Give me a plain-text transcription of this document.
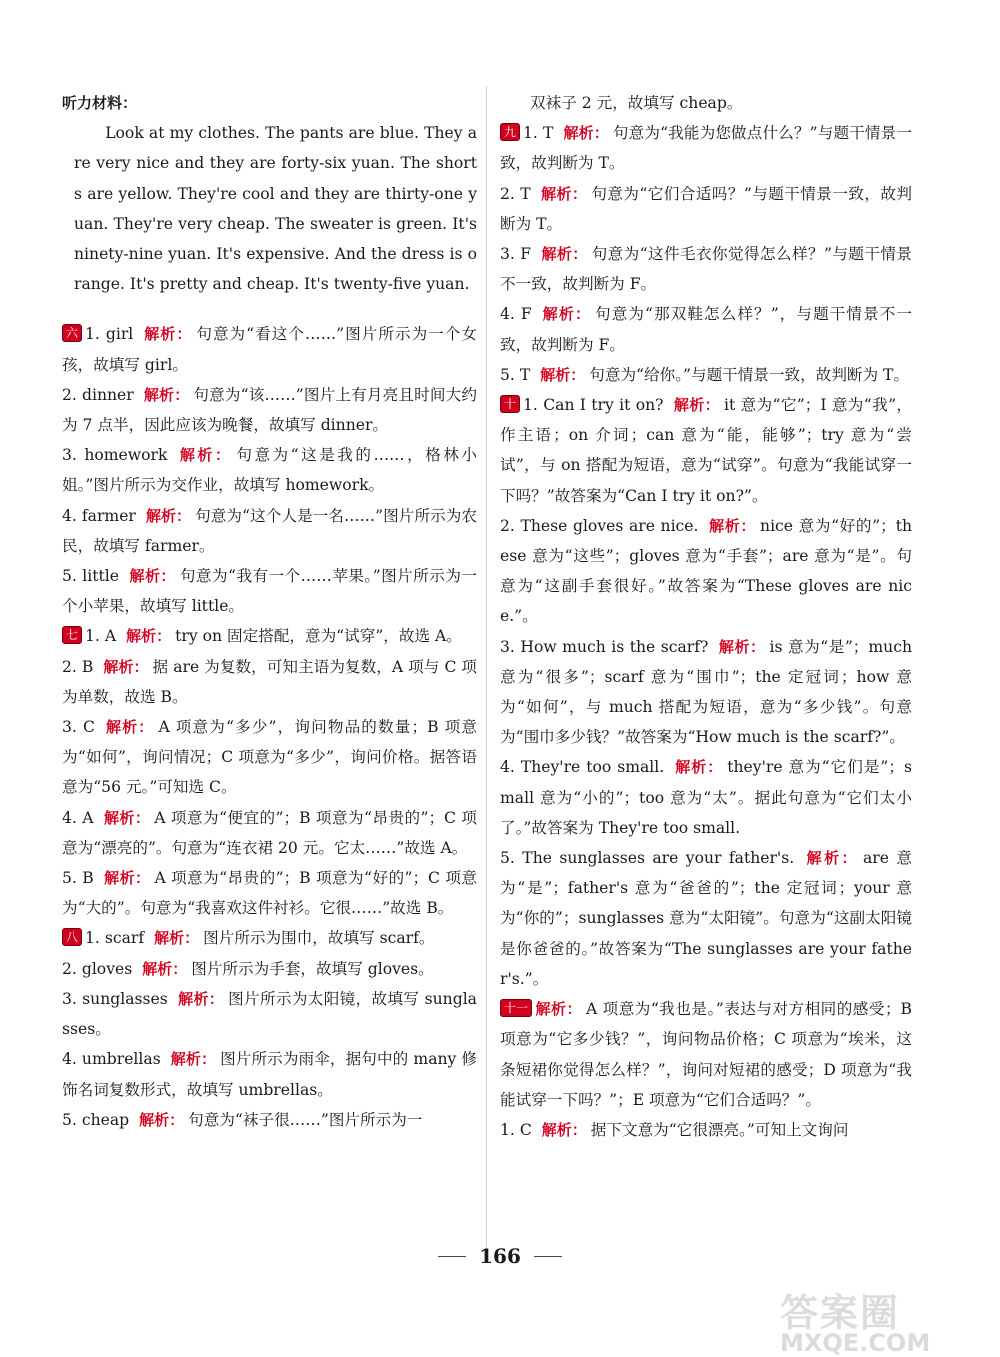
听力材料：
Look at my clothes. The pants are blue. They are very nice and they are forty-six yuan. The shorts are yellow. They're cool and they are thirty-one yuan. They're very cheap. The sweater is green. It's ninety-nine yuan. It's expensive. And the dress is orange. It's pretty and cheap. It's twenty-five yuan.
六 1. girl 解析： 句意为“看这个……”图片所示为一个女孩，故填写 girl。
2. dinner 解析： 句意为“该……”图片上有月亮且时间大约为 7 点半，因此应该为晚餐，故填写 dinner。
3. homework 解析： 句意为“这是我的……，格林小姐。”图片所示为交作业，故填写 homework。
4. farmer 解析： 句意为“这个人是一名……”图片所示为农民，故填写 farmer。
5. little 解析： 句意为“我有一个……苹果。”图片所示为一个小苹果，故填写 little。
七 1. A 解析： try on 固定搭配，意为“试穿”，故选 A。
2. B 解析： 据 are 为复数，可知主语为复数，A 项与 C 项为单数，故选 B。
3. C 解析： A 项意为“多少”，询问物品的数量；B 项意为“如何”，询问情况；C 项意为“多少”，询问价格。据答语意为“56 元。”可知选 C。
4. A 解析： A 项意为“便宜的”；B 项意为“昂贵的”；C 项意为“漂亮的”。句意为“连衣裙 20 元。它太……”故选 A。
5. B 解析： A 项意为“昂贵的”；B 项意为“好的”；C 项意为“大的”。句意为“我喜欢这件衬衫。它很……”故选 B。
八 1. scarf 解析： 图片所示为围巾，故填写 scarf。
2. gloves 解析： 图片所示为手套，故填写 gloves。
3. sunglasses 解析： 图片所示为太阳镜，故填写 sunglasses。
4. umbrellas 解析： 图片所示为雨伞，据句中的 many 修饰名词复数形式，故填写 umbrellas。
5. cheap 解析： 句意为“袜子很……”图片所示为一
双袜子 2 元，故填写 cheap。
九 1. T 解析： 句意为“我能为您做点什么？”与题干情景一致，故判断为 T。
2. T 解析： 句意为“它们合适吗？”与题干情景一致，故判断为 T。
3. F 解析： 句意为“这件毛衣你觉得怎么样？”与题干情景不一致，故判断为 F。
4. F 解析： 句意为“那双鞋怎么样？”，与题干情景不一致，故判断为 F。
5. T 解析： 句意为“给你。”与题干情景一致，故判断为 T。
十 1. Can I try it on? 解析： it 意为“它”；I 意为“我”，作主语；on 介词；can 意为“能，能够”；try 意为“尝试”，与 on 搭配为短语，意为“试穿”。句意为“我能试穿一下吗？”故答案为“Can I try it on?”。
2. These gloves are nice. 解析： nice 意为“好的”；these 意为“这些”；gloves 意为“手套”；are 意为“是”。句意为“这副手套很好。”故答案为“These gloves are nice.”。
3. How much is the scarf? 解析： is 意为“是”；much 意为“很多”；scarf 意为“围巾”；the 定冠词；how 意为“如何”，与 much 搭配为短语，意为“多少钱”。句意为“围巾多少钱？”故答案为“How much is the scarf?”。
4. They're too small. 解析： they're 意为“它们是”；small 意为“小的”；too 意为“太”。据此句意为“它们太小了。”故答案为 They're too small.
5. The sunglasses are your father's. 解析： are 意为“是”；father's 意为“爸爸的”；the 定冠词；your 意为“你的”；sunglasses 意为“太阳镜”。句意为“这副太阳镜是你爸爸的。”故答案为“The sunglasses are your father's.”。
十一 解析： A 项意为“我也是。”表达与对方相同的感受；B 项意为“它多少钱？”，询问物品价格；C 项意为“埃米，这条短裙你觉得怎么样？”，询问对短裙的感受；D 项意为“我能试穿一下吗？”；E 项意为“它们合适吗？”。
1. C 解析： 据下文意为“它很漂亮。”可知上文询问
166
答案圈
MXQE.COM
